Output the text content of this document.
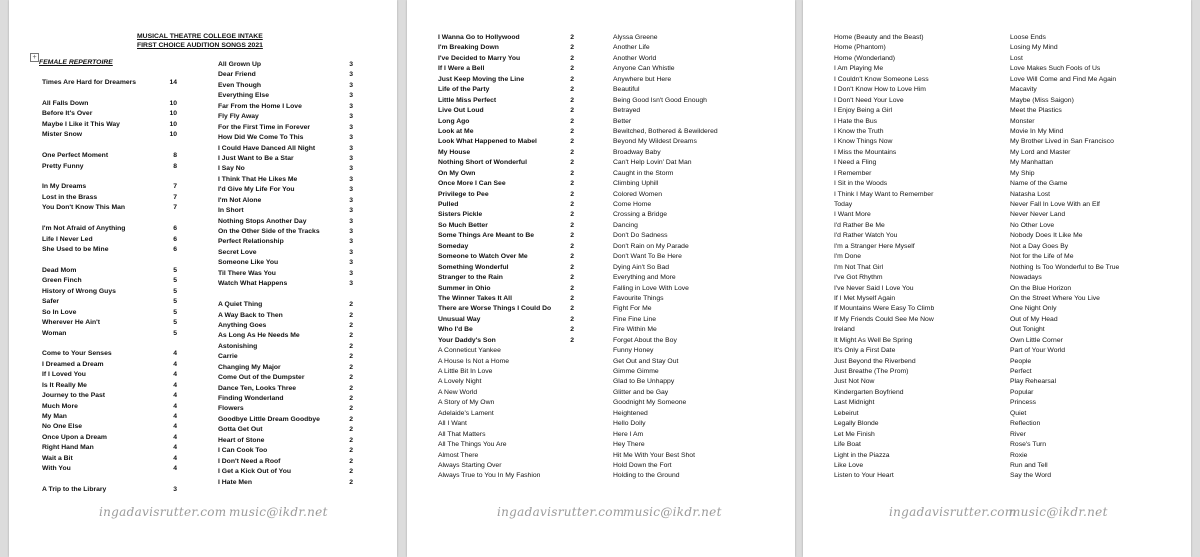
MUSICAL THEATRE COLLEGE INTAKE
FIRST CHOICE AUDITION SONGS 2021
+
FEMALE REPERTOIRE
Times Are Hard for Dreamers	14
All Falls Down	10
Before It's Over	10
Maybe I Like it This Way	10
Mister Snow	10
One Perfect Moment	8
Pretty Funny	8
In My Dreams	7
Lost in the Brass	7
You Don't Know This Man	7
I'm Not Afraid of Anything	6
Life I Never Led	6
She Used to be Mine	6
Dead Mom	5
Green Finch	5
History of Wrong Guys	5
Safer	5
So In Love	5
Wherever He Ain't	5
Woman	5
Come to Your Senses	4
I Dreamed a Dream	4
If I Loved You	4
Is It Really Me	4
Journey to the Past	4
Much More	4
My Man	4
No One Else	4
Once Upon a Dream	4
Right Hand Man	4
Wait a Bit	4
With You	4
A Trip to the Library	3
All Grown Up	3
Dear Friend	3
Even Though	3
Everything Else	3
Far From the Home I Love	3
Fly Fly Away	3
For the First Time in Forever	3
How Did We Come To This	3
I Could Have Danced All Night	3
I Just Want to Be a Star	3
I Say No	3
I Think That He Likes Me	3
I'd Give My Life For You	3
I'm Not Alone	3
In Short	3
Nothing Stops Another Day	3
On the Other Side of the Tracks	3
Perfect Relationship	3
Secret Love	3
Someone Like You	3
Til There Was You	3
Watch What Happens	3
A Quiet Thing	2
A Way Back to Then	2
Anything Goes	2
As Long As He Needs Me	2
Astonishing	2
Carrie	2
Changing My Major	2
Come Out of the Dumpster	2
Dance Ten, Looks Three	2
Finding Wonderland	2
Flowers	2
Goodbye Little Dream Goodbye	2
Gotta Get Out	2
Heart of Stone	2
I Can Cook Too	2
I Don't Need a Roof	2
I Get a Kick Out of You	2
I Hate Men	2
ingadavisrutter.com music@ikdr.net
I Wanna Go to Hollywood	2
I'm Breaking Down	2
I've Decided to Marry You	2
If I Were a Bell	2
Just Keep Moving the Line	2
Life of the Party	2
Little Miss Perfect	2
Live Out Loud	2
Long Ago	2
Look at Me	2
Look What Happened to Mabel	2
My House	2
Nothing Short of Wonderful	2
On My Own	2
Once More I Can See	2
Privilege to Pee	2
Pulled	2
Sisters Pickle	2
So Much Better	2
Some Things Are Meant to Be	2
Someday	2
Someone to Watch Over Me	2
Something Wonderful	2
Stranger to the Rain	2
Summer in Ohio	2
The Winner Takes It All	2
There are Worse Things I Could Do	2
Unusual Way	2
Who I'd Be	2
Your Daddy's Son	2
A Conneticut Yankee
A House Is Not a Home
A Little Bit In Love
A Lovely Night
A New World
A Story of My Own
Adelaide's Lament
All I Want
All That Matters
All The Things You Are
Almost There
Always Starting Over
Always True to You In My Fashion
Alyssa Greene
Another Life
Another World
Anyone Can Whistle
Anywhere but Here
Beautiful
Being Good Isn't Good Enough
Betrayed
Better
Bewitched, Bothered & Bewildered
Beyond My Wildest Dreams
Broadway Baby
Can't Help Lovin' Dat Man
Caught in the Storm
Climbing Uphill
Colored Women
Come Home
Crossing a Bridge
Dancing
Don't Do Sadness
Don't Rain on My Parade
Don't Want To Be Here
Dying Ain't So Bad
Everything and More
Falling in Love With Love
Favourite Things
Fight For Me
Fine Fine Line
Fire Within Me
Forget About the Boy
Funny Honey
Get Out and Stay Out
Gimme Gimme
Glad to Be Unhappy
Glitter and be Gay
Goodnight My Someone
Heightened
Hello Dolly
Here I Am
Hey There
Hit Me With Your Best Shot
Hold Down the Fort
Holding to the Ground
ingadavisrutter.com
music@ikdr.net
Home (Beauty and the Beast)
Home (Phantom)
Home (Wonderland)
I Am Playing Me
I Couldn't Know Someone Less
I Don't Know How to Love Him
I Don't Need Your Love
I Enjoy Being a Girl
I Hate the Bus
I Know the Truth
I Know Things Now
I Miss the Mountains
I Need a Fling
I Remember
I Sit in the Woods
I Think I May Want to Remember
Today
I Want More
I'd Rather Be Me
I'd Rather Watch You
I'm a Stranger Here Myself
I'm Done
I'm Not That Girl
I've Got Rhythm
I've Never Said I Love You
If I Met Myself Again
If Mountains Were Easy To Climb
If My Friends Could See Me Now
Ireland
It Might As Well Be Spring
It's Only a First Date
Just Beyond the Riverbend
Just Breathe (The Prom)
Just Not Now
Kindergarten Boyfriend
Last Midnight
Lebeirut
Legally Blonde
Let Me Finish
Life Boat
Light in the Piazza
Like Love
Listen to Your Heart
Loose Ends
Losing My Mind
Lost
Love Makes Such Fools of Us
Love Will Come and Find Me Again
Macavity
Maybe (Miss Saigon)
Meet the Plastics
Monster
Movie In My Mind
My Brother Lived in San Francisco
My Lord and Master
My Manhattan
My Ship
Name of the Game
Natasha Lost
Never Fall In Love With an Elf
Never Never Land
No Other Love
Nobody Does It Like Me
Not a Day Goes By
Not for the Life of Me
Nothing Is Too Wonderful to Be True
Nowadays
On the Blue Horizon
On the Street Where You Live
One Night Only
Out of My Head
Out Tonight
Own Little Corner
Part of Your World
People
Perfect
Play Rehearsal
Popular
Princess
Quiet
Reflection
River
Rose's Turn
Roxie
Run and Tell
Say the Word
ingadavisrutter.com
music@ikdr.net
